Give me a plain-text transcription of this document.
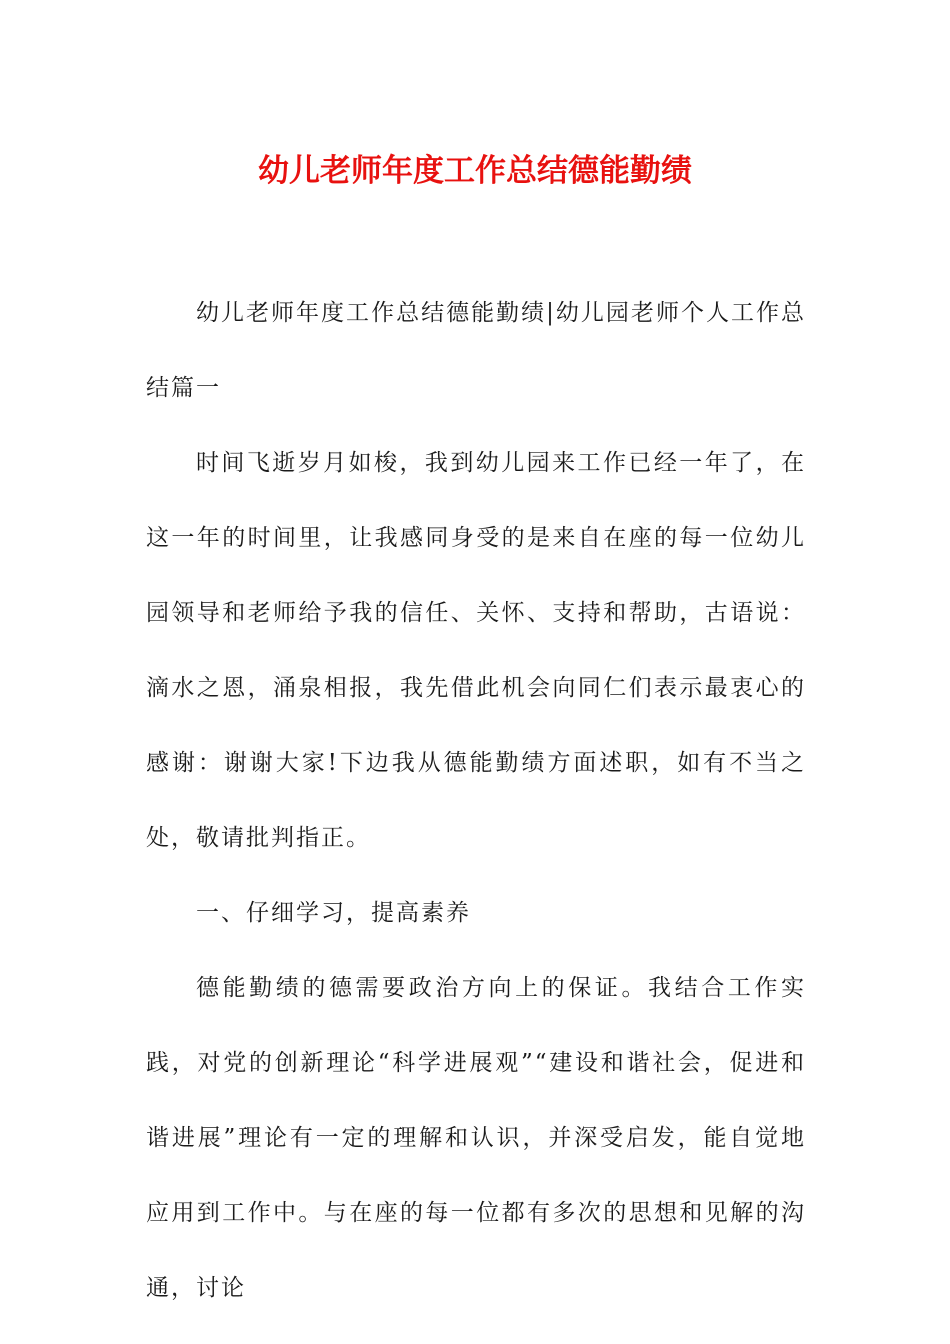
幼儿老师年度工作总结德能勤绩

幼儿老师年度工作总结德能勤绩|幼儿园老师个人工作总结篇一

时间飞逝岁月如梭，我到幼儿园来工作已经一年了，在这一年的时间里，让我感同身受的是来自在座的每一位幼儿园领导和老师给予我的信任、关怀、支持和帮助，古语说：滴水之恩，涌泉相报，我先借此机会向同仁们表示最衷心的感谢：谢谢大家!下边我从德能勤绩方面述职，如有不当之处，敬请批判指正。

一、仔细学习，提高素养

德能勤绩的德需要政治方向上的保证。我结合工作实践，对党的创新理论“科学进展观”“建设和谐社会，促进和谐进展”理论有一定的理解和认识，并深受启发，能自觉地应用到工作中。与在座的每一位都有多次的思想和见解的沟通，讨论
